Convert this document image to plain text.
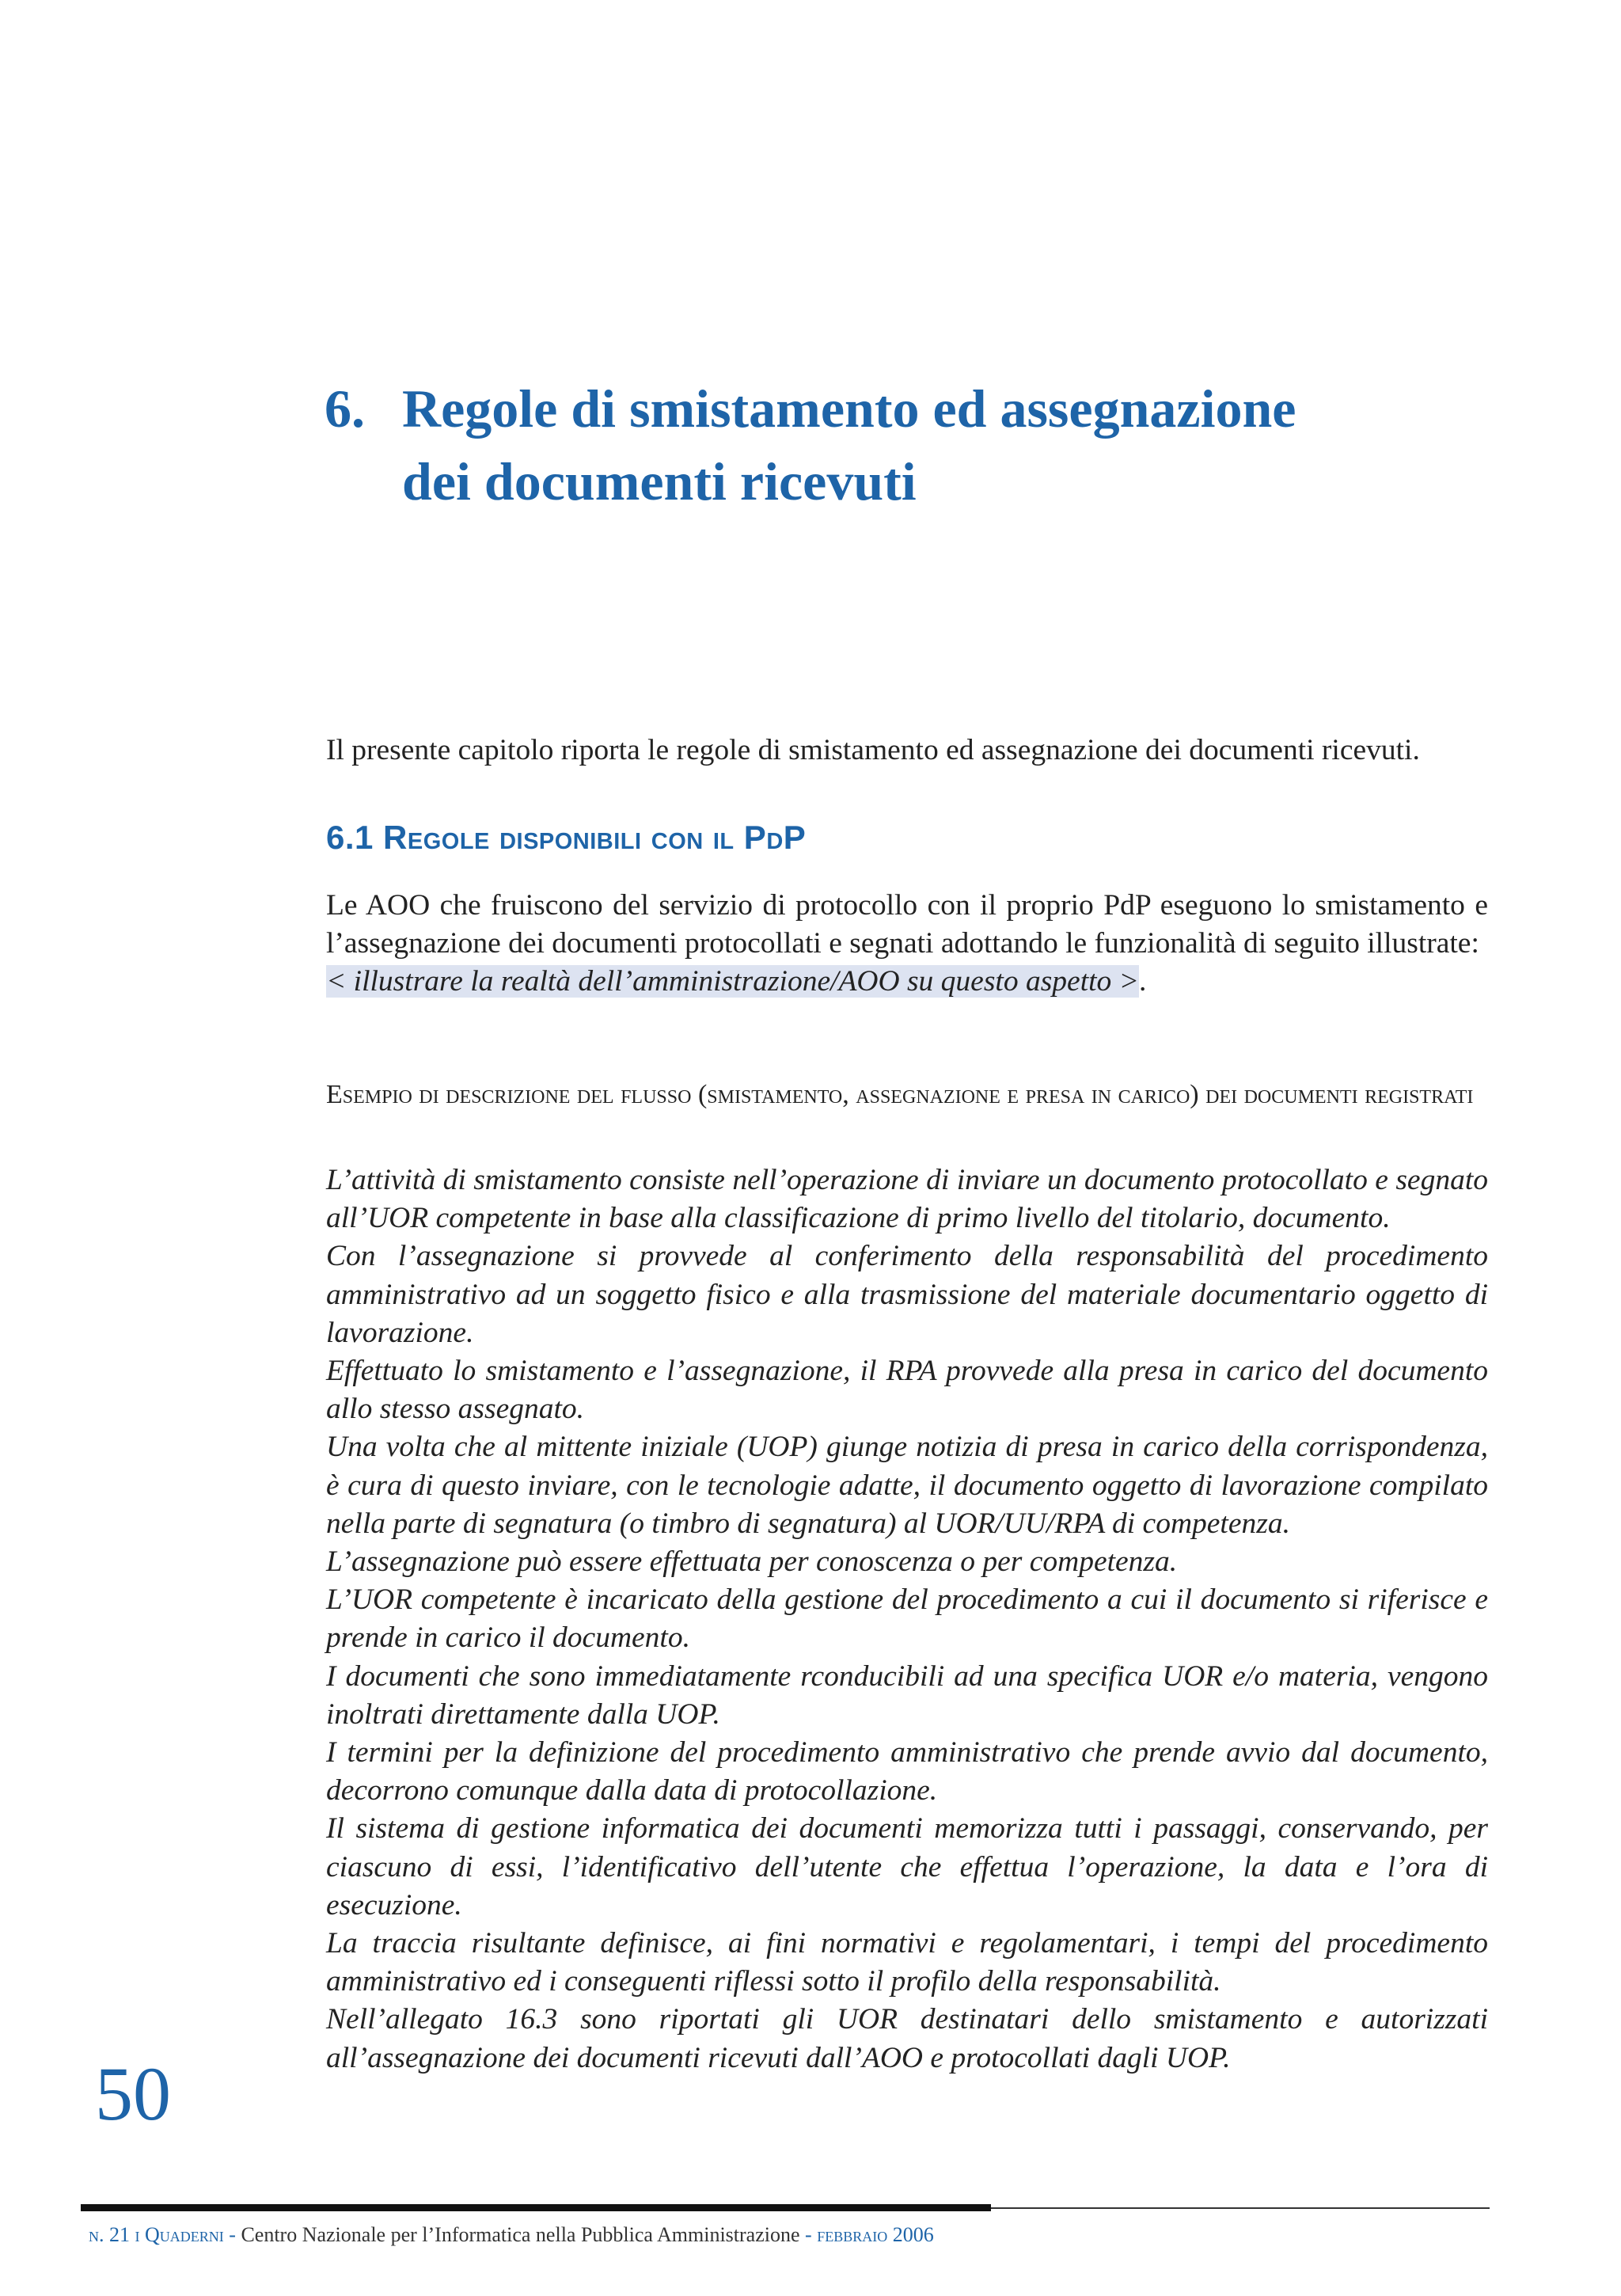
6. Regole di smistamento ed assegnazione
dei documenti ricevuti
Il presente capitolo riporta le regole di smistamento ed assegnazione dei documenti ricevuti.
6.1 Regole disponibili con il PdP
Le AOO che fruiscono del servizio di protocollo con il proprio PdP eseguono lo smistamento e l’assegnazione dei documenti protocollati e segnati adottando le funzionalità di seguito illustrate:
< illustrare la realtà dell’amministrazione/AOO su questo aspetto >.
Esempio di descrizione del flusso (smistamento, assegnazione e presa in carico) dei documenti registrati

L’attività di smistamento consiste nell’operazione di inviare un documento protocollato e segnato all’UOR competente in base alla classificazione di primo livello del titolario, documento.

Con l’assegnazione si provvede al conferimento della responsabilità del procedimento amministrativo ad un soggetto fisico e alla trasmissione del materiale documentario oggetto di lavorazione.

Effettuato lo smistamento e l’assegnazione, il RPA provvede alla presa in carico del documento allo stesso assegnato.

Una volta che al mittente iniziale (UOP) giunge notizia di presa in carico della corrispondenza, è cura di questo inviare, con le tecnologie adatte, il documento oggetto di lavorazione compilato nella parte di segnatura (o timbro di segnatura) al UOR/UU/RPA di competenza.

L’assegnazione può essere effettuata per conoscenza o per competenza.

L’UOR competente è incaricato della gestione del procedimento a cui il documento si riferisce e prende in carico il documento.

I documenti che sono immediatamente rconducibili ad una specifica UOR e/o materia, vengono inoltrati direttamente dalla UOP.

I termini per la definizione del procedimento amministrativo che prende avvio dal documento, decorrono comunque dalla data di protocollazione.

Il sistema di gestione informatica dei documenti memorizza tutti i passaggi, conservando, per ciascuno di essi, l’identificativo dell’utente che effettua l’operazione, la data e l’ora di esecuzione.

La traccia risultante definisce, ai fini normativi e regolamentari, i tempi del procedimento amministrativo ed i conseguenti riflessi sotto il profilo della responsabilità.

Nell’allegato 16.3 sono riportati gli UOR destinatari dello smistamento e autorizzati all’assegnazione dei documenti ricevuti dall’AOO e protocollati dagli UOP.

50
n. 21 i Quaderni - Centro Nazionale per l’Informatica nella Pubblica Amministrazione - febbraio 2006
